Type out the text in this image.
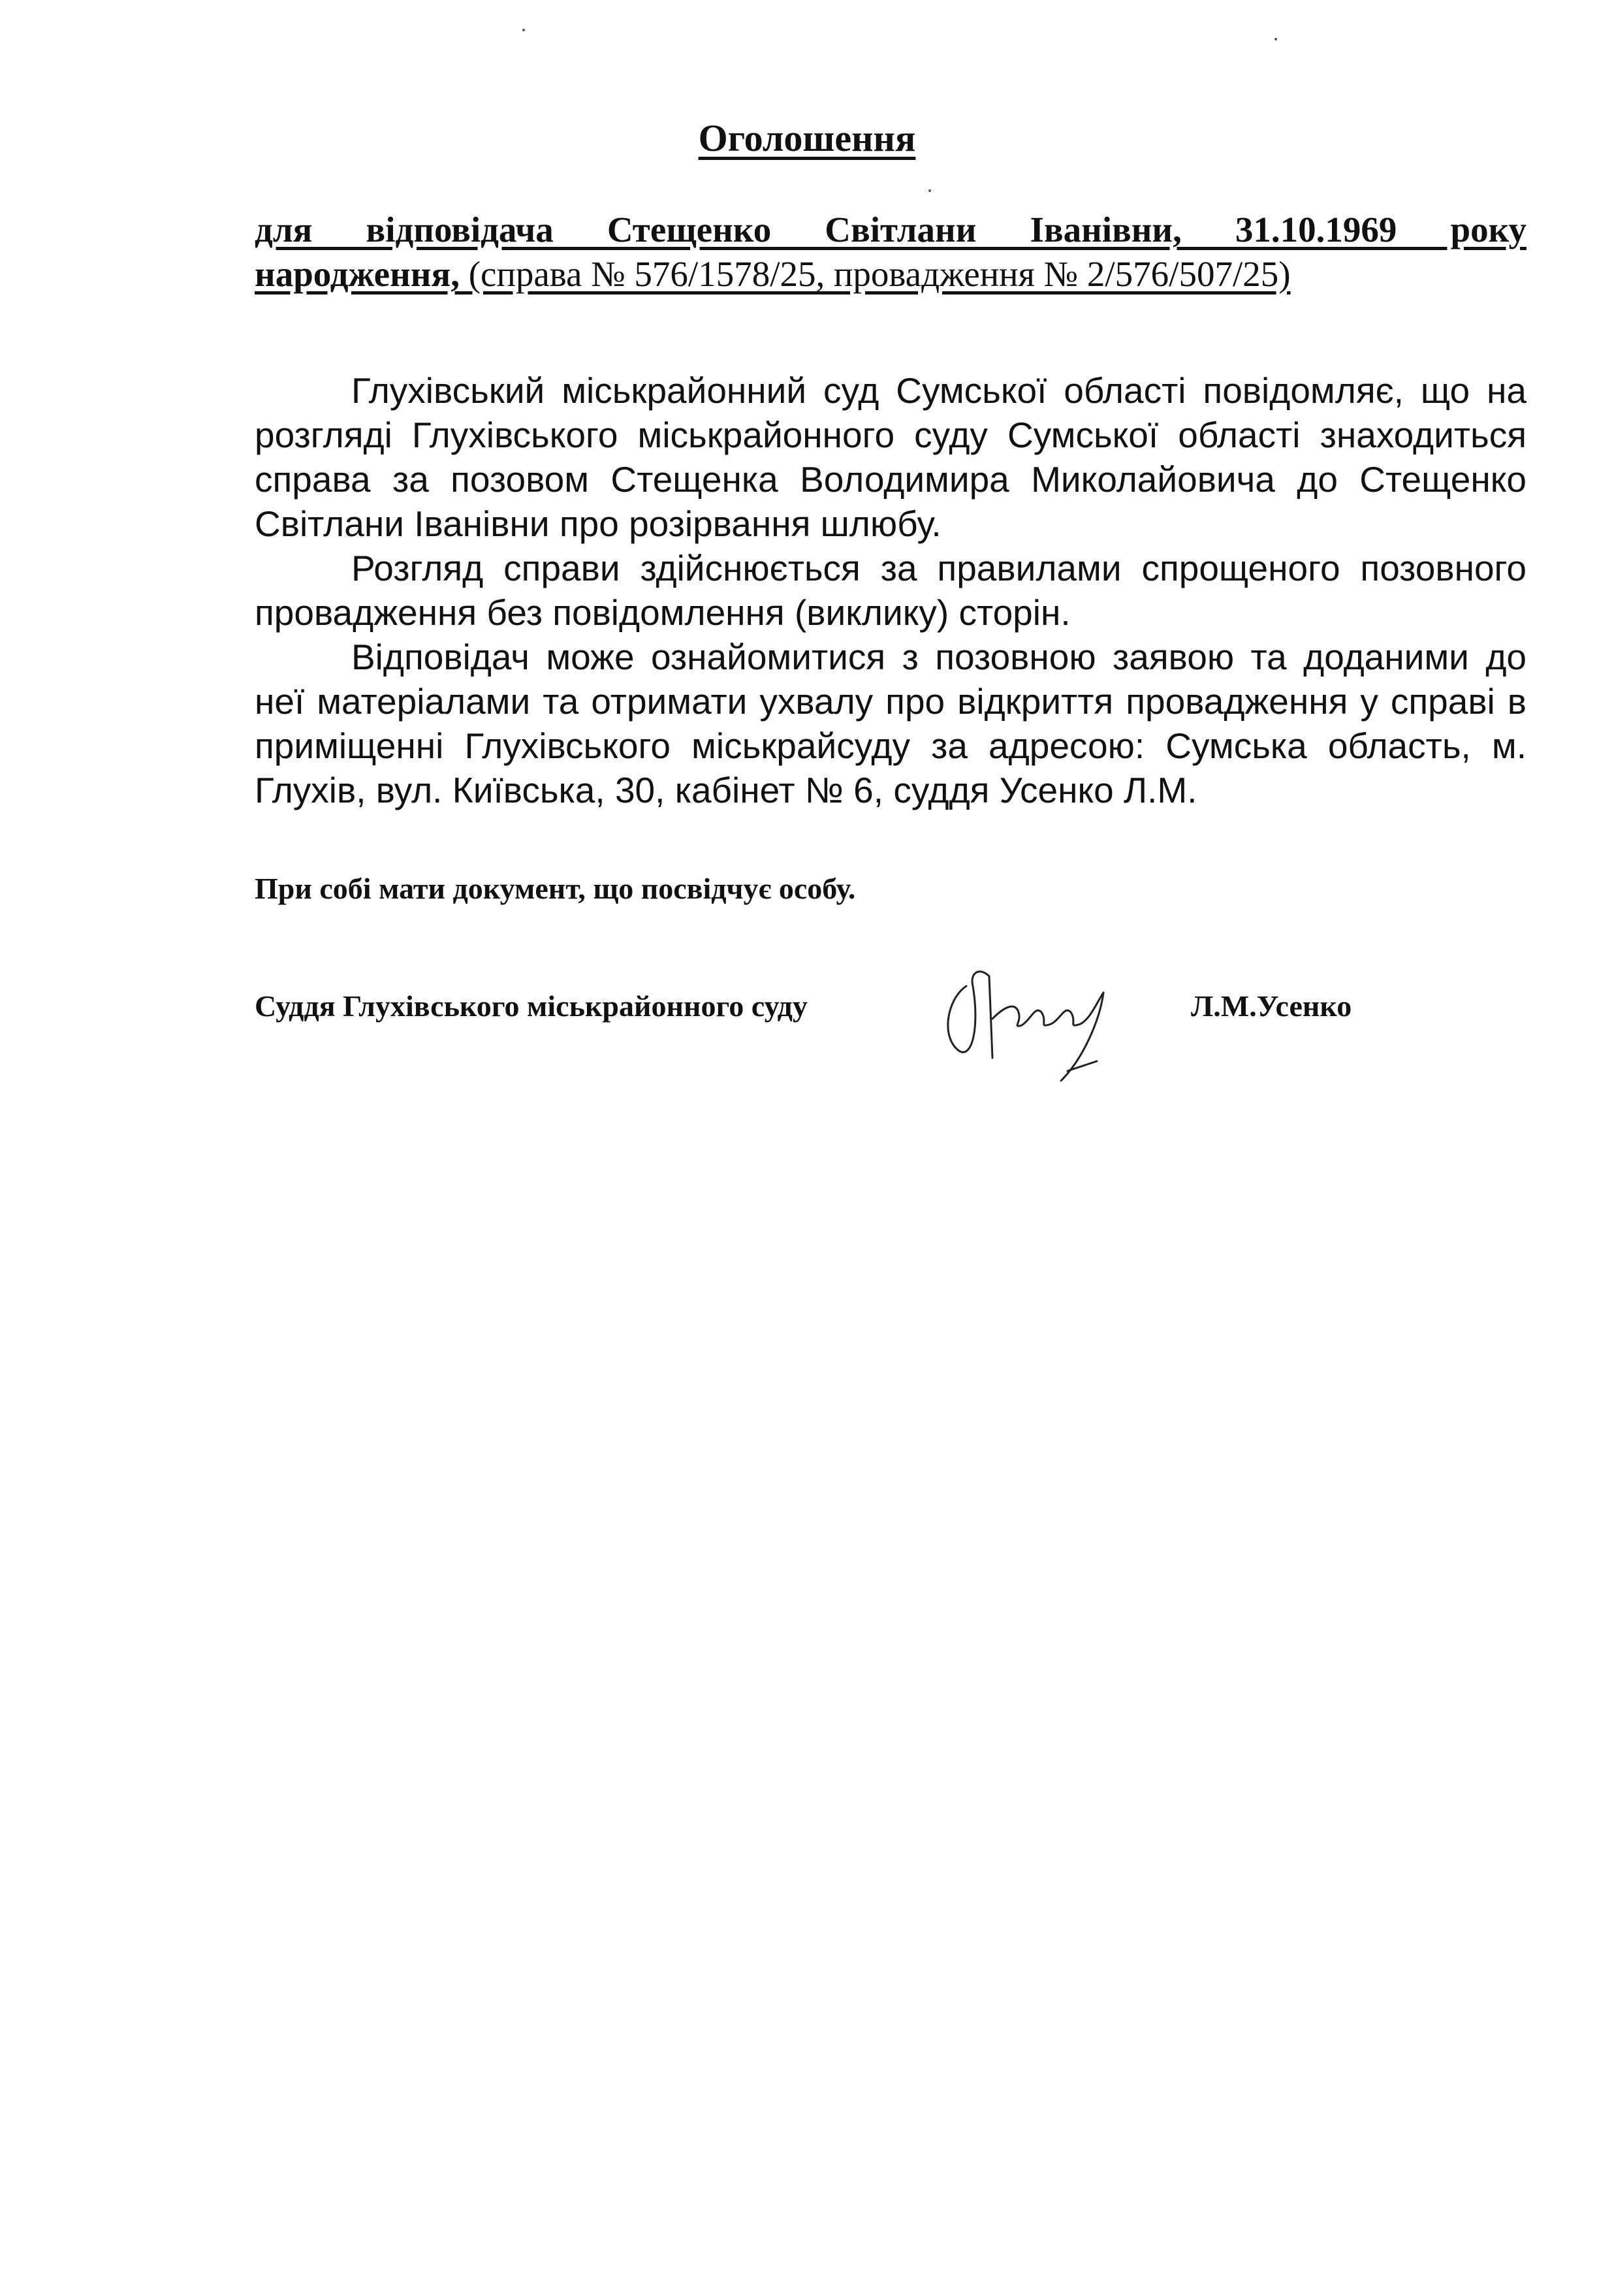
Оголошення
для відповідача Стещенко Світлани Іванівни, 31.10.1969 року
народження, (справа № 576/1578/25, провадження № 2/576/507/25)

Глухівський міськрайонний суд Сумської області повідомляє, що на розгляді Глухівського міськрайонного суду Сумської області знаходиться справа за позовом Стещенка Володимира Миколайовича до Стещенко Світлани Іванівни про розірвання шлюбу.

Розгляд справи здійснюється за правилами спрощеного позовного провадження без повідомлення (виклику) сторін.

Відповідач може ознайомитися з позовною заявою та доданими до неї матеріалами та отримати ухвалу про відкриття провадження у справі в приміщенні Глухівського міськрайсуду за адресою: Сумська область, м. Глухів, вул. Київська, 30, кабінет № 6, суддя Усенко Л.М.

При собі мати документ, що посвідчує особу.
Суддя Глухівського міськрайонного суду	Л.М.Усенко
